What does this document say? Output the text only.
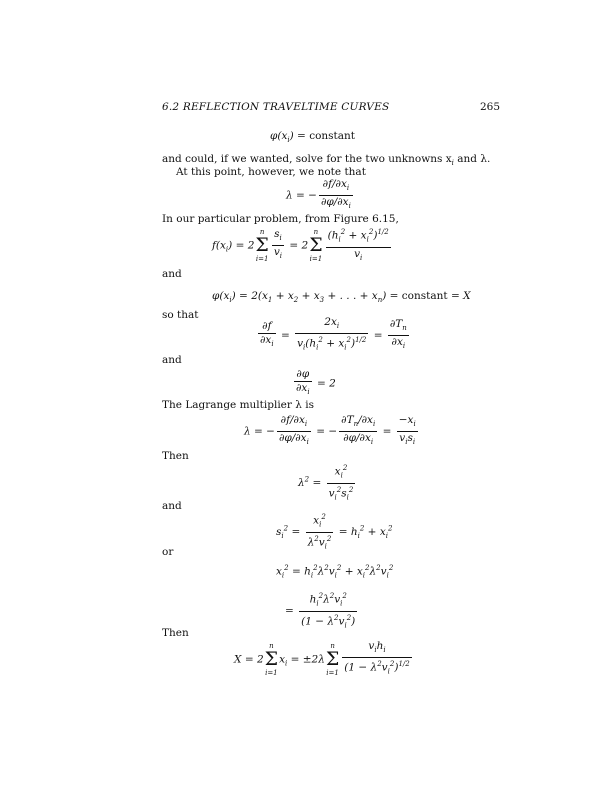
6.2 REFLECTION TRAVELTIME CURVES	265
$\varphi(x_i)$ = constant
and could, if we wanted, solve for the two unknowns $x_i$ and λ.
At this point, however, we note that
λ = − $\frac{\partial f/\partial x_i}{\partial\varphi/\partial x_i}$
In our particular problem, from Figure 6.15,
$f(x_i) = 2$
n
Σ
$i=1 \frac{s_i}{v_i} = 2$
n
Σ
$i=1 \frac{(h_i^2 + x_i^2)^{1/2}}{v_i}$
and
$\varphi(x_i) = 2(x_1 + x_2 + x_3$ + . . . + $x_n$) = constant = X
so that
$\frac{\partial f}{\partial x_i} = \frac{2x_i}{v_i(h_i^2 + x_i^2)^{1/2}} = \frac{\partial T_n}{\partial x_i}$
and
$\frac{\partial\varphi}{\partial x_i} = 2$
The Lagrange multiplier λ is
λ = − $\frac{\partial f/\partial x_i}{\partial\varphi/\partial x_i}$ = − $\frac{\partial T_n/\partial x_i}{\partial\varphi/\partial x_i} = \frac{-x_i}{v_is_i}$
Then
$\lambda^2 = \frac{x_i^2}{v_i^2s_i^2}$
and
$s_i^2 = \frac{x_i^2}{\lambda^2v_i^2} = h_i^2 + x_i^2$
or
$x_i^2 = h_i^2\lambda^2v_i^2 + x_i^2\lambda^2v_i^2$
= $\frac{h_i^2\lambda^2v_i^2}{(1 - \lambda^2v_i^2)}$
Then
X = 2
n
Σ
i=1
$x_i = \pm 2\lambda$
n
Σ
$i=1 \frac{v_ih_i}{(1 - \lambda^2v_i^2)^{1/2}}$
